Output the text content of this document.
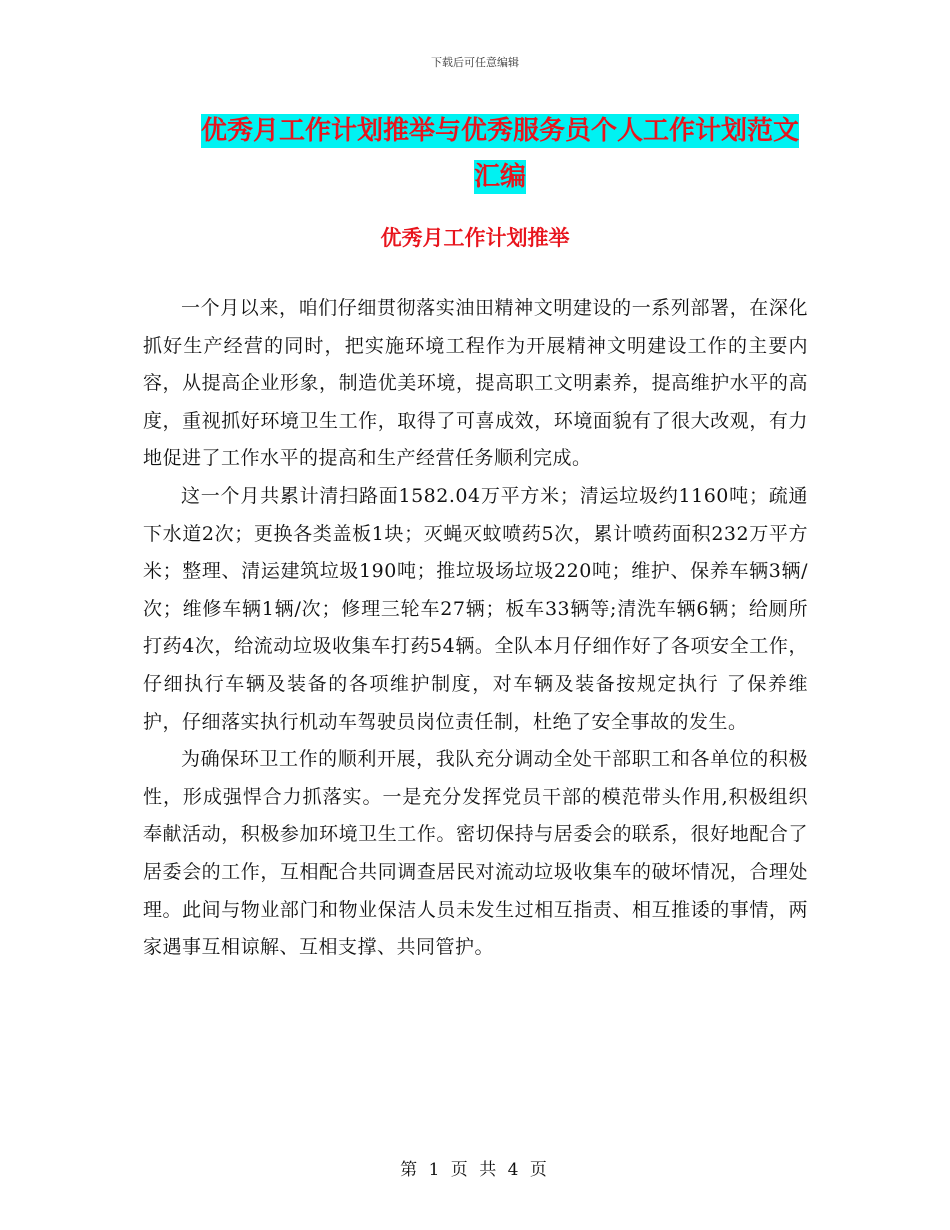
下载后可任意编辑
优秀月工作计划推举与优秀服务员个人工作计划范文
汇编
优秀月工作计划推举

一个月以来，咱们仔细贯彻落实油田精神文明建设的一系列部署，在深化抓好生产经营的同时，把实施环境工程作为开展精神文明建设工作的主要内容，从提高企业形象，制造优美环境，提高职工文明素养，提高维护水平的高度，重视抓好环境卫生工作，取得了可喜成效，环境面貌有了很大改观，有力地促进了工作水平的提高和生产经营任务顺利完成。

这一个月共累计清扫路面1582.04万平方米；清运垃圾约1160吨；疏通下水道2次；更换各类盖板1块；灭蝇灭蚊喷药5次，累计喷药面积232万平方米；整理、清运建筑垃圾190吨；推垃圾场垃圾220吨；维护、保养车辆3辆/次；维修车辆1辆/次；修理三轮车27辆；板车33辆等;清洗车辆6辆；给厕所打药4次，给流动垃圾收集车打药54辆。全队本月仔细作好了各项安全工作，仔细执行车辆及装备的各项维护制度，对车辆及装备按规定执行 了保养维护，仔细落实执行机动车驾驶员岗位责任制，杜绝了安全事故的发生。

为确保环卫工作的顺利开展，我队充分调动全处干部职工和各单位的积极性，形成强悍合力抓落实。一是充分发挥党员干部的模范带头作用,积极组织奉献活动，积极参加环境卫生工作。密切保持与居委会的联系，很好地配合了居委会的工作，互相配合共同调查居民对流动垃圾收集车的破坏情况，合理处理。此间与物业部门和物业保洁人员未发生过相互指责、相互推诿的事情，两家遇事互相谅解、互相支撑、共同管护。

第 1 页 共 4 页
